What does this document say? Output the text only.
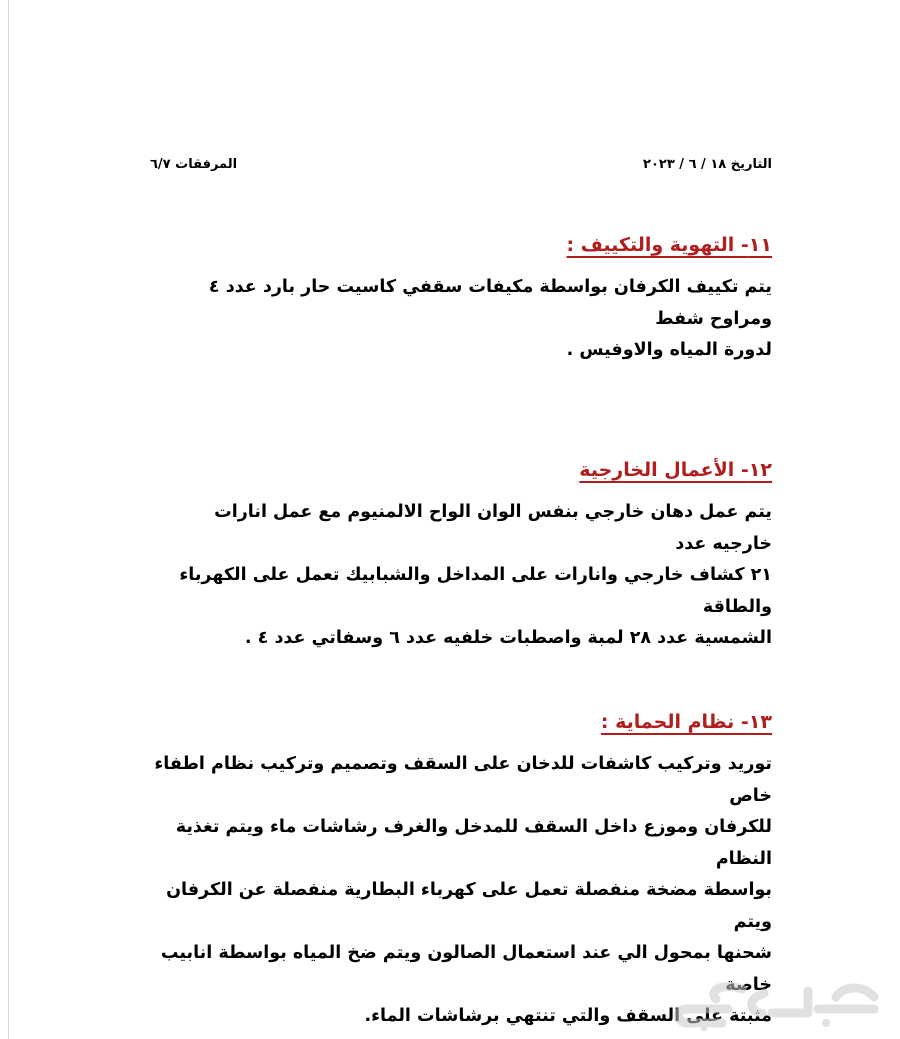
التاريخ ١٨ / ٦ / ٢٠٢٣
المرفقات ٦/٧
١١- التهوية والتكييف :

يتم تكييف الكرفان بواسطة مكيفات سقفي كاسيت حار بارد عدد ٤ ومراوح شفط
لدورة المياه والاوفيس .

١٢- الأعمال الخارجية

يتم عمل دهان خارجي بنفس الوان الواح الالمنيوم مع عمل انارات خارجيه عدد
٢١ كشاف خارجي وانارات على المداخل والشبابيك تعمل على الكهرباء والطاقة
الشمسية عدد ٢٨ لمبة واصطبات خلفيه عدد ٦ وسفاتي عدد ٤ .

١٣- نظام الحماية :

توريد وتركيب كاشفات للدخان على السقف وتصميم وتركيب نظام اطفاء خاص
للكرفان وموزع داخل السقف للمدخل والغرف رشاشات ماء ويتم تغذية النظام
بواسطة مضخة منفصلة تعمل على كهرباء البطارية منفصلة عن الكرفان ويتم
شحنها بمحول الي عند استعمال الصالون ويتم ضخ المياه بواسطة انابيب خاصة
مثبتة على السقف والتي تنتهي برشاشات الماء.
